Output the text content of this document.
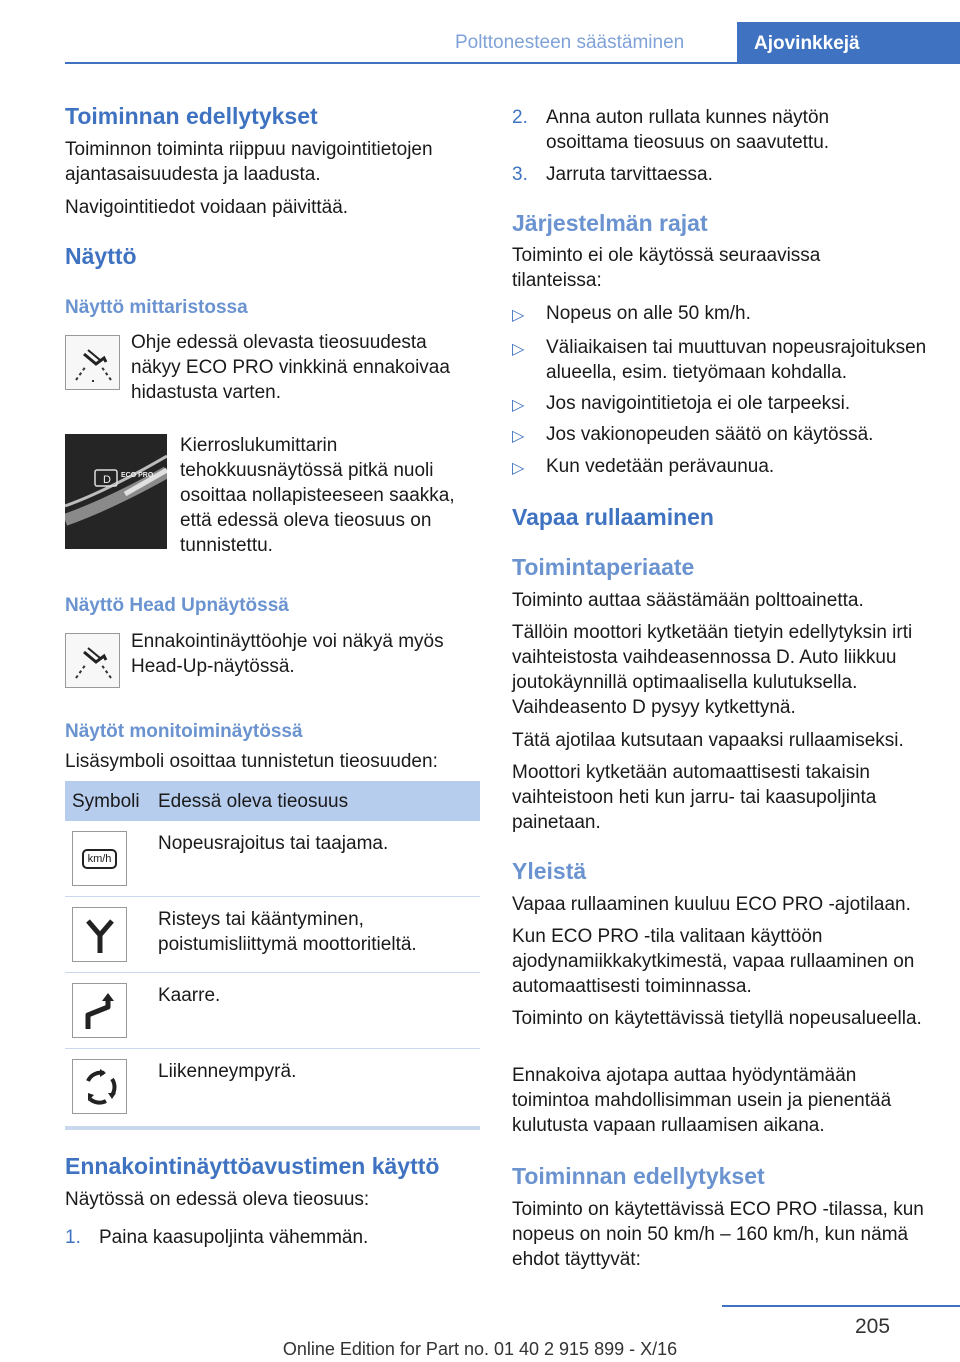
Polttonesteen säästäminen	Ajovinkkejä
Toiminnan edellytykset

Toiminnon toiminta riippuu navigointitietojen ajantasaisuudesta ja laadusta.

Navigointitiedot voidaan päivittää.

Näyttö
Näyttö mittaristossa

Ohje edessä olevasta tieosuudesta näkyy ECO PRO vinkkinä ennakoivaa hidastusta varten.

D ECO PRO

Kierroslukumittarin tehokkuusnäytössä pitkä nuoli osoittaa nollapisteeseen saakka, että edessä oleva tieosuus on tunnistettu.

Näyttö Head Upnäytössä

Ennakointinäyttöohje voi näkyä myös Head-Up-näytössä.

Näytöt monitoiminäytössä

Lisäsymboli osoittaa tunnistetun tieosuuden:

Symboli Edessä oleva tieosuus
km/h

Nopeusrajoitus tai taajama.

Risteys tai kääntyminen, poistumisliittymä moottoritieltä.

Kaarre.

Liikenneympyrä.

Ennakointinäyttöavustimen käyttö

Näytössä on edessä oleva tieosuus:

1. Paina kaasupoljinta vähemmän.

2. Anna auton rullata kunnes näytön osoittama tieosuus on saavutettu.

3. Jarruta tarvittaessa.

Järjestelmän rajat

Toiminto ei ole käytössä seuraavissa tilanteissa:

▷ Nopeus on alle 50 km/h.

▷ Väliaikaisen tai muuttuvan nopeusrajoituksen alueella, esim. tietyömaan kohdalla.

▷ Jos navigointitietoja ei ole tarpeeksi.

▷ Jos vakionopeuden säätö on käytössä.

▷ Kun vedetään perävaunua.

Vapaa rullaaminen
Toimintaperiaate

Toiminto auttaa säästämään polttoainetta.

Tällöin moottori kytketään tietyin edellytyksin irti vaihteistosta vaihdeasennossa D. Auto liikkuu joutokäynnillä optimaalisella kulutuksella. Vaihdeasento D pysyy kytkettynä.

Tätä ajotilaa kutsutaan vapaaksi rullaamiseksi.

Moottori kytketään automaattisesti takaisin vaihteistoon heti kun jarru- tai kaasupoljinta painetaan.

Yleistä

Vapaa rullaaminen kuuluu ECO PRO -ajotilaan.

Kun ECO PRO -tila valitaan käyttöön ajodynamiikkakytkimestä, vapaa rullaaminen on automaattisesti toiminnassa.

Toiminto on käytettävissä tietyllä nopeusalueella.

Ennakoiva ajotapa auttaa hyödyntämään toimintoa mahdollisimman usein ja pienentää kulutusta vapaan rullaamisen aikana.

Toiminnan edellytykset

Toiminto on käytettävissä ECO PRO -tilassa, kun nopeus on noin 50 km/h – 160 km/h, kun nämä ehdot täyttyvät:

205
Online Edition for Part no. 01 40 2 915 899 - X/16
